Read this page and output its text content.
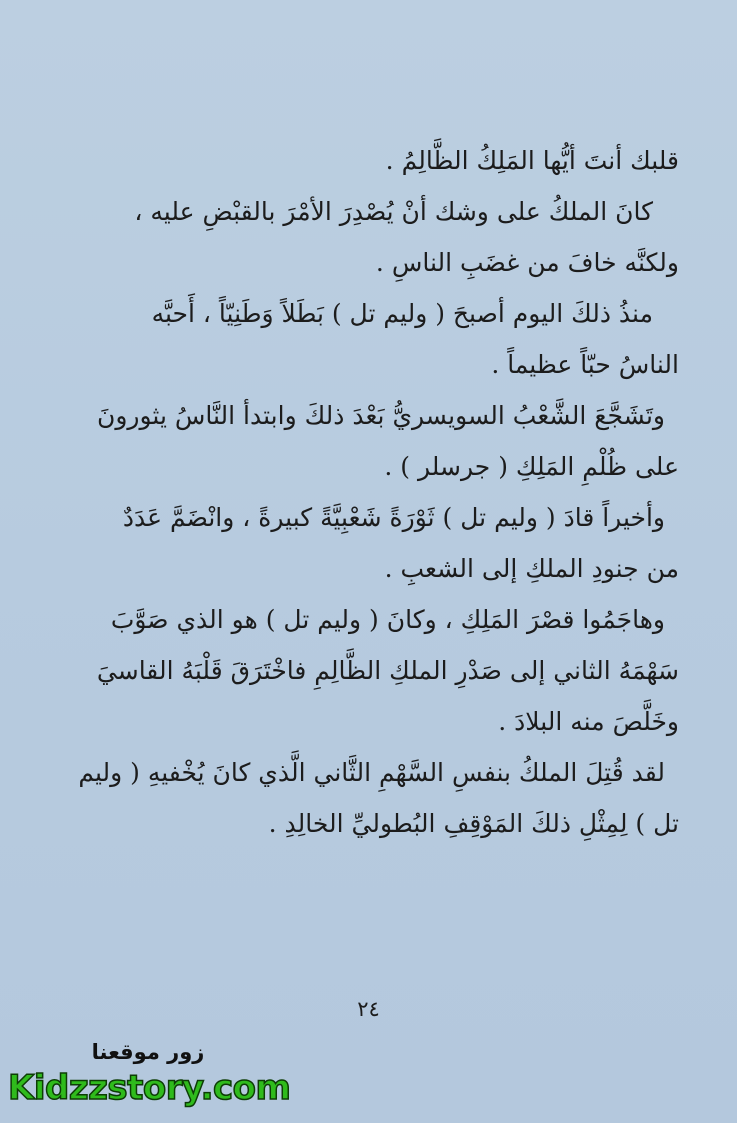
قلبك أنتَ أيُّها المَلِكُ الظَّالِمُ .
كانَ الملكُ على وشك أنْ يُصْدِرَ الأمْرَ بالقبْضِ عليه ،
ولكنَّه خافَ من غضَبِ الناسِ .
منذُ ذلكَ اليوم أصبحَ ( وليم تل ) بَطَلاً وَطَنِيّاً ، أَحبَّه
الناسُ حبّاً عظيماً .
وتَشَجَّعَ الشَّعْبُ السويسريُّ بَعْدَ ذلكَ وابتدأ النَّاسُ يثورونَ
على ظُلْمِ المَلِكِ ( جرسلر ) .
وأخيراً قادَ ( وليم تل ) ثَوْرَةً شَعْبِيَّةً كبيرةً ، وانْضَمَّ عَدَدٌ
من جنودِ الملكِ إلى الشعبِ .
وهاجَمُوا قصْرَ المَلِكِ ، وكانَ ( وليم تل ) هو الذي صَوَّبَ
سَهْمَهُ الثاني إلى صَدْرِ الملكِ الظَّالِمِ فاخْتَرَقَ قَلْبَهُ القاسيَ
وخَلَّصَ منه البلادَ .
لقد قُتِلَ الملكُ بنفسِ السَّهْمِ الثَّاني الَّذي كانَ يُخْفيهِ ( وليم
تل ) لِمِثْلِ ذلكَ المَوْقِفِ البُطوليِّ الخالِدِ .
٢٤
زور موقعنا
Kidzzstory.com
